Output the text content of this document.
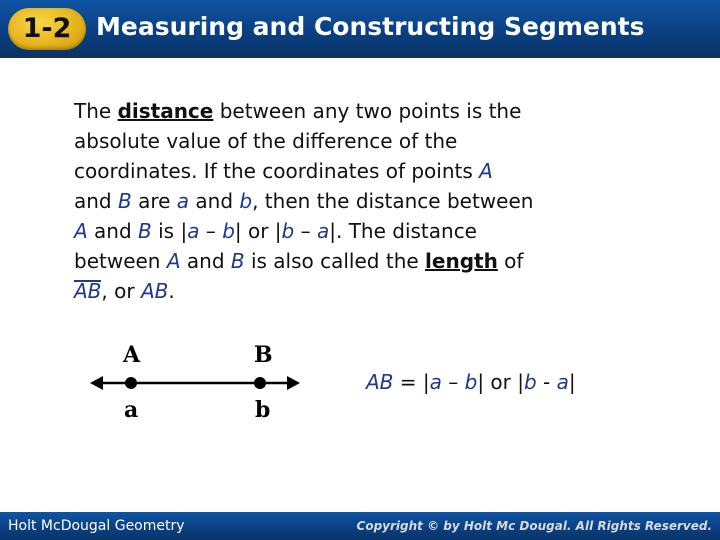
1-2 Measuring and Constructing Segments
The distance between any two points is the
absolute value of the difference of the
coordinates. If the coordinates of points A
and B are a and b, then the distance between
A and B is |a – b| or |b – a|. The distance
between A and B is also called the length of
AB, or AB.
A	B
a	b
AB = |a – b| or |b - a|
Holt McDougal Geometry	Copyright © by Holt Mc Dougal. All Rights Reserved.
